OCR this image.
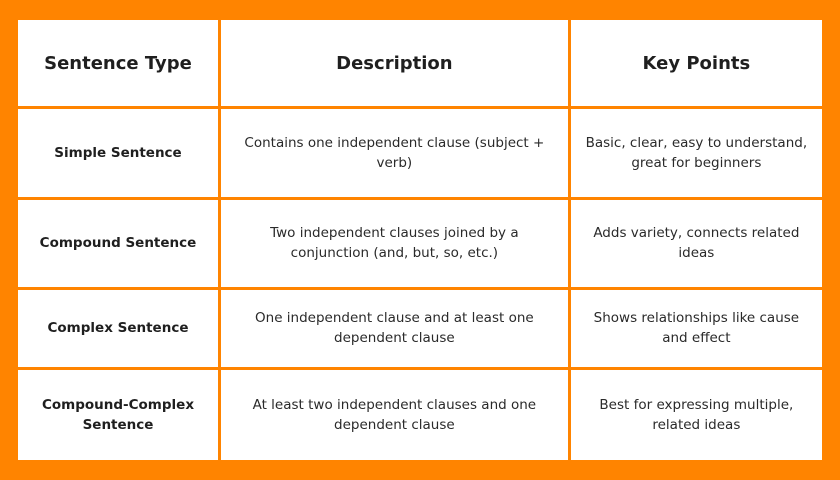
Sentence Type	Description	Key Points
Simple Sentence	Contains one independent clause (subject + verb)	Basic, clear, easy to understand, great for beginners
Compound Sentence	Two independent clauses joined by a conjunction (and, but, so, etc.)	Adds variety, connects related ideas
Complex Sentence	One independent clause and at least one dependent clause	Shows relationships like cause and effect
Compound-Complex Sentence	At least two independent clauses and one dependent clause	Best for expressing multiple, related ideas
